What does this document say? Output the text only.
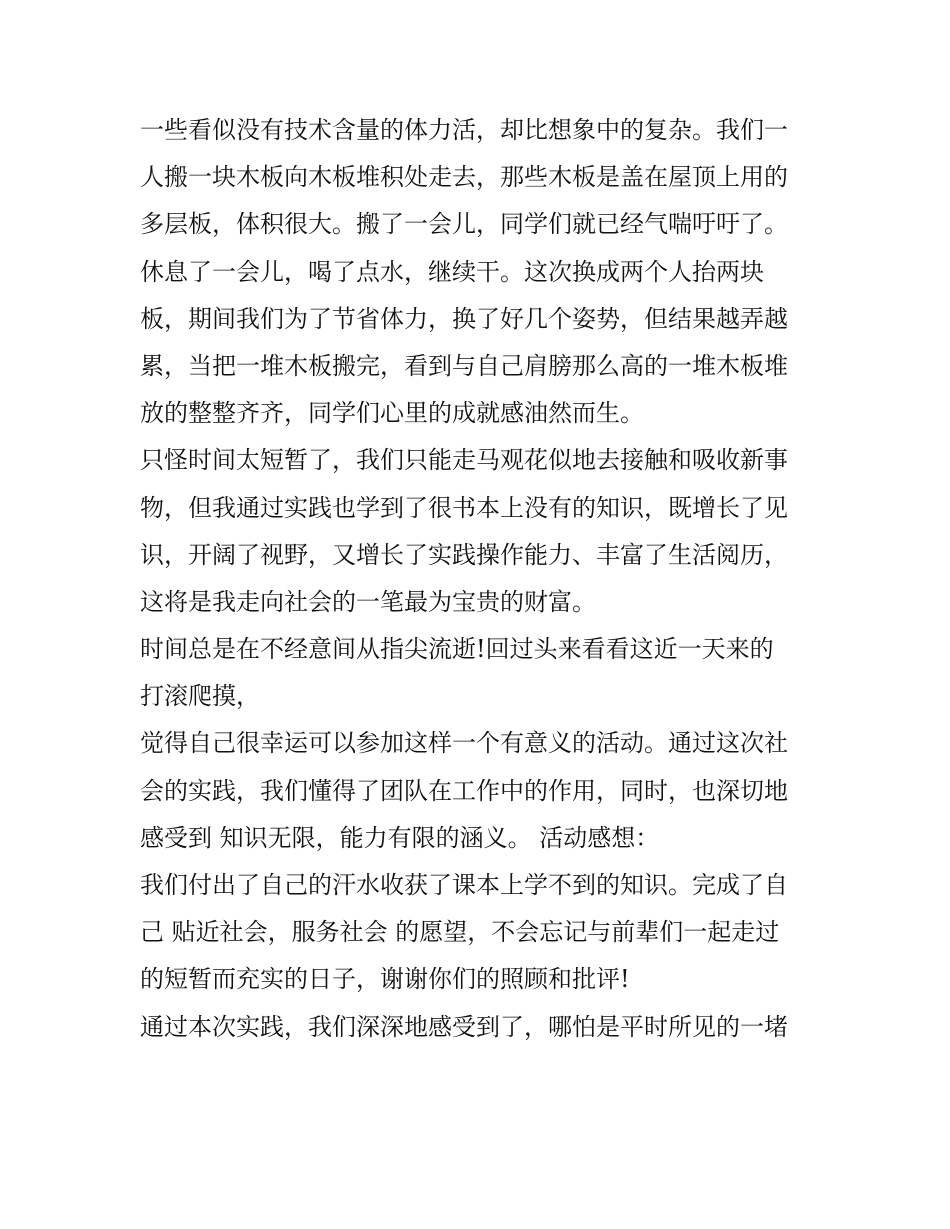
一些看似没有技术含量的体力活，却比想象中的复杂。我们一
人搬一块木板向木板堆积处走去，那些木板是盖在屋顶上用的
多层板，体积很大。搬了一会儿，同学们就已经气喘吁吁了。
休息了一会儿，喝了点水，继续干。这次换成两个人抬两块
板，期间我们为了节省体力，换了好几个姿势，但结果越弄越
累，当把一堆木板搬完，看到与自己肩膀那么高的一堆木板堆
放的整整齐齐，同学们心里的成就感油然而生。
只怪时间太短暂了，我们只能走马观花似地去接触和吸收新事
物，但我通过实践也学到了很书本上没有的知识，既增长了见
识，开阔了视野，又增长了实践操作能力、丰富了生活阅历，
这将是我走向社会的一笔最为宝贵的财富。
时间总是在不经意间从指尖流逝!回过头来看看这近一天来的
打滚爬摸，
觉得自己很幸运可以参加这样一个有意义的活动。通过这次社
会的实践，我们懂得了团队在工作中的作用，同时，也深切地
感受到 知识无限，能力有限的涵义。 活动感想：
我们付出了自己的汗水收获了课本上学不到的知识。完成了自
己 贴近社会，服务社会 的愿望，不会忘记与前辈们一起走过
的短暂而充实的日子，谢谢你们的照顾和批评!
通过本次实践，我们深深地感受到了，哪怕是平时所见的一堵
